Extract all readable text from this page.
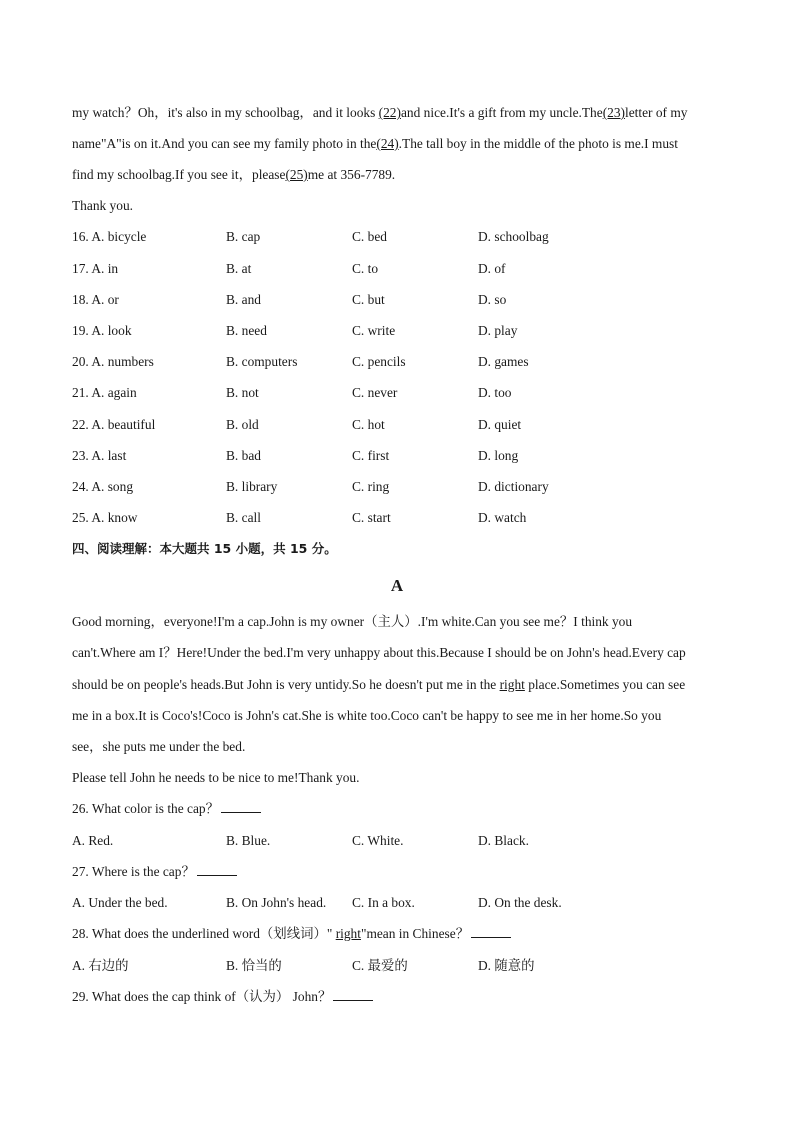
my watch？Oh，it's also in my schoolbag，and it looks (22)and nice.It's a gift from my uncle.The(23)letter of my
name"A"is on it.And you can see my family photo in the(24).The tall boy in the middle of the photo is me.I must
find my schoolbag.If you see it，please(25)me at 356-7789.
Thank you.
16. A. bicycle	B. cap	C. bed	D. schoolbag
17. A. in	B. at	C. to	D. of
18. A. or	B. and	C. but	D. so
19. A. look	B. need	C. write	D. play
20. A. numbers	B. computers	C. pencils	D. games
21. A. again	B. not	C. never	D. too
22. A. beautiful	B. old	C. hot	D. quiet
23. A. last	B. bad	C. first	D. long
24. A. song	B. library	C. ring	D. dictionary
25. A. know	B. call	C. start	D. watch
四、阅读理解：本大题共 15 小题，共 15 分。
A
Good morning，everyone!I'm a cap.John is my owner（主人）.I'm white.Can you see me？I think you
can't.Where am I？Here!Under the bed.I'm very unhappy about this.Because I should be on John's head.Every cap
should be on people's heads.But John is very untidy.So he doesn't put me in the right place.Sometimes you can see
me in a box.It is Coco's!Coco is John's cat.She is white too.Coco can't be happy to see me in her home.So you
see，she puts me under the bed.
Please tell John he needs to be nice to me!Thank you.
26. What color is the cap？
A. Red.	B. Blue.	C. White.	D. Black.
27. Where is the cap？
A. Under the bed.	B. On John's head. C. In a box.	D. On the desk.
28. What does the underlined word（划线词）" right"mean in Chinese？
A. 右边的	B. 恰当的	C. 最爱的	D. 随意的
29. What does the cap think of（认为） John？
